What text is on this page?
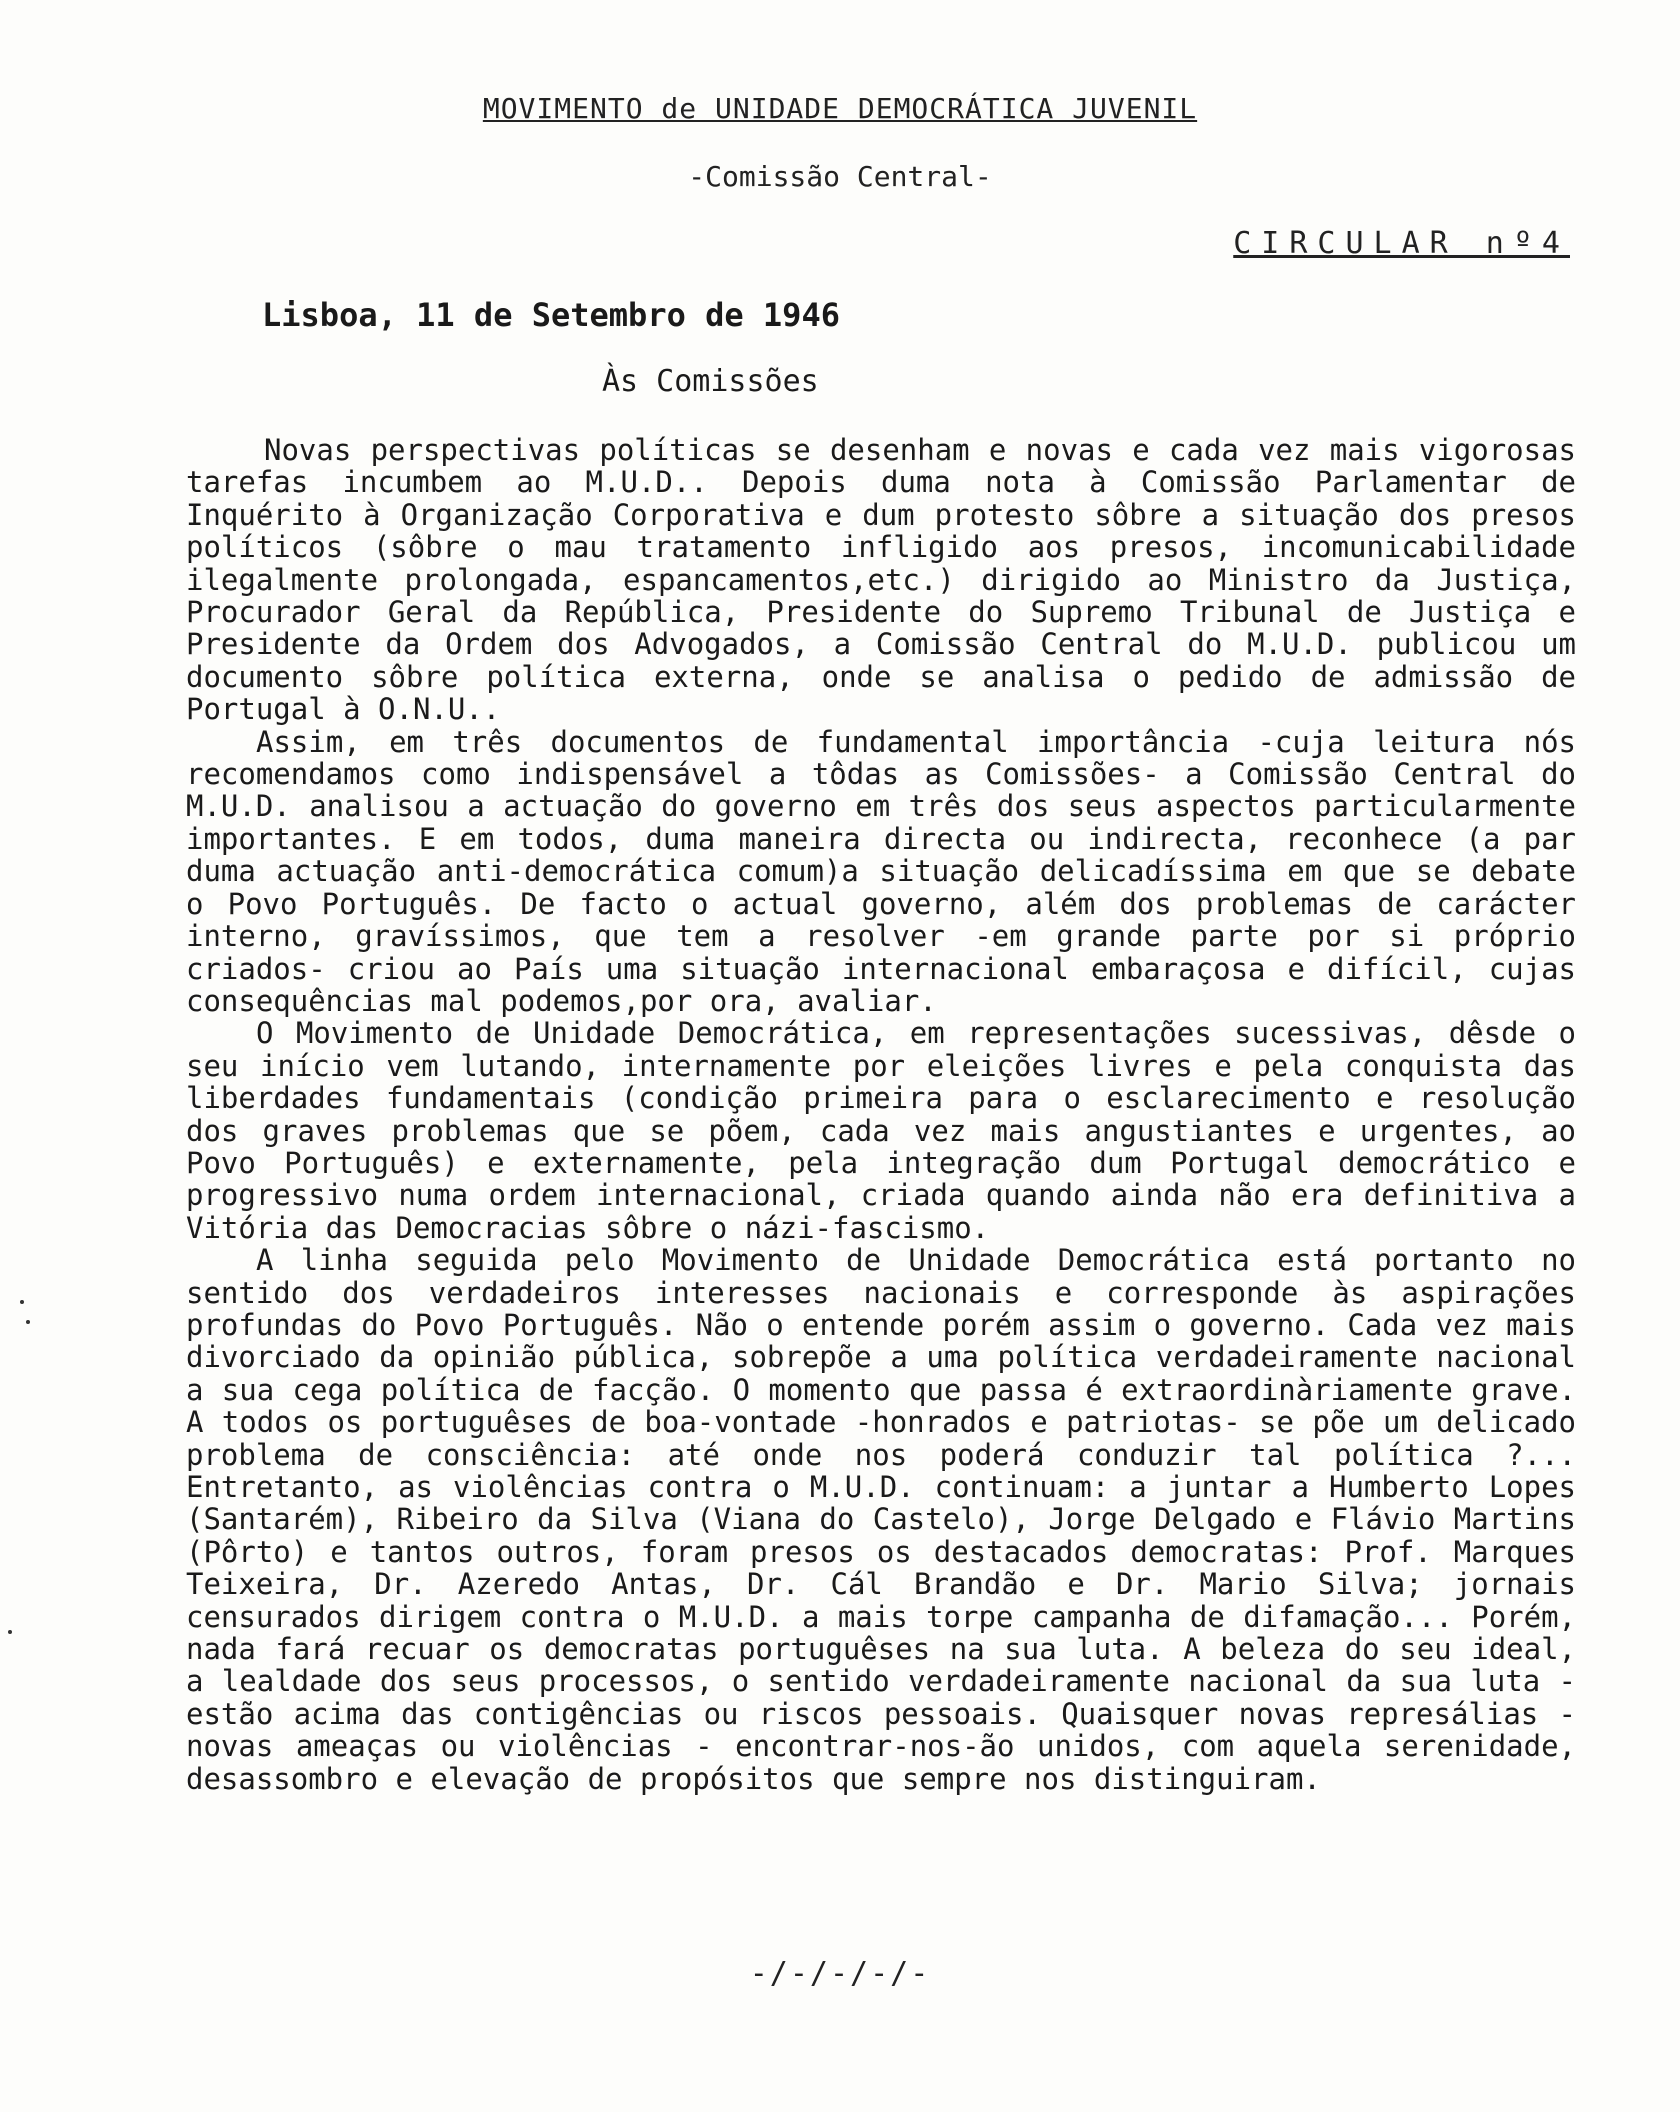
MOVIMENTO de UNIDADE DEMOCRÁTICA JUVENIL
-Comissão Central-
CIRCULAR nº4
Lisboa, 11 de Setembro de 1946
Às Comissões

Novas perspectivas políticas se desenham e novas e cada vez mais vigorosas tarefas incumbem ao M.U.D.. Depois duma nota à Comissão Parlamentar de Inquérito à Organização Corporativa e dum protesto sôbre a situação dos presos políticos (sôbre o mau tratamento infligido aos presos, incomunicabilidade ilegalmente prolongada, espancamentos,etc.) dirigido ao Ministro da Justiça, Procurador Geral da República, Presidente do Supremo Tribunal de Justiça e Presidente da Ordem dos Advogados, a Comissão Central do M.U.D. publicou um documento sôbre política externa, onde se analisa o pedido de admissão de Portugal à O.N.U..

Assim, em três documentos de fundamental importância -cuja leitura nós recomendamos como indispensável a tôdas as Comissões- a Comissão Central do M.U.D. analisou a actuação do governo em três dos seus aspectos particularmente importantes. E em todos, duma maneira directa ou indirecta, reconhece (a par duma actuação anti-democrática comum)a situação delicadíssima em que se debate o Povo Português. De facto o actual governo, além dos problemas de carácter interno, gravíssimos, que tem a resolver -em grande parte por si próprio criados- criou ao País uma situação internacional embaraçosa e difícil, cujas consequências mal podemos,por ora, avaliar.

O Movimento de Unidade Democrática, em representações sucessivas, dêsde o seu início vem lutando, internamente por eleições livres e pela conquista das liberdades fundamentais (condição primeira para o esclarecimento e resolução dos graves problemas que se põem, cada vez mais angustiantes e urgentes, ao Povo Português) e externamente, pela integração dum Portugal democrático e progressivo numa ordem internacional, criada quando ainda não era definitiva a Vitória das Democracias sôbre o názi-fascismo.

A linha seguida pelo Movimento de Unidade Democrática está portanto no sentido dos verdadeiros interesses nacionais e corresponde às aspirações profundas do Povo Português. Não o entende porém assim o governo. Cada vez mais divorciado da opinião pública, sobrepõe a uma política verdadeiramente nacional a sua cega política de facção. O momento que passa é extraordinàriamente grave. A todos os portuguêses de boa-vontade -honrados e patriotas- se põe um delicado problema de consciência: até onde nos poderá conduzir tal política ?... Entretanto, as violências contra o M.U.D. continuam: a juntar a Humberto Lopes (Santarém), Ribeiro da Silva (Viana do Castelo), Jorge Delgado e Flávio Martins (Pôrto) e tantos outros, foram presos os destacados democratas: Prof. Marques Teixeira, Dr. Azeredo Antas, Dr. Cál Brandão e Dr. Mario Silva; jornais censurados dirigem contra o M.U.D. a mais torpe campanha de difamação... Porém, nada fará recuar os democratas portuguêses na sua luta. A beleza do seu ideal, a lealdade dos seus processos, o sentido verdadeiramente nacional da sua luta - estão acima das contigências ou riscos pessoais. Quaisquer novas represálias - novas ameaças ou violências - encontrar-nos-ão unidos, com aquela serenidade, desassombro e elevação de propósitos que sempre nos distinguiram.

-/-/-/-/-
